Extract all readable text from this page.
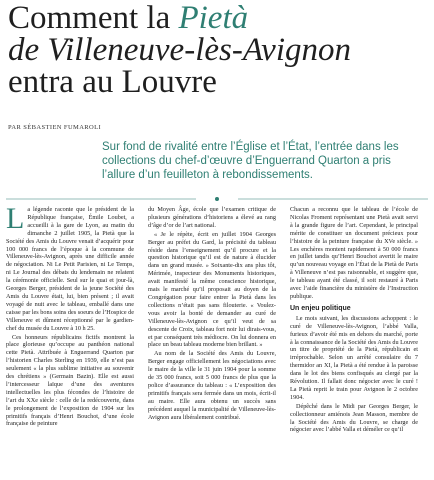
Comment la Pietà
de Villeneuve-lès-Avignon
entra au Louvre
PAR SÉBASTIEN FUMAROLI
Sur fond de rivalité entre l’Église et l’État, l’entrée dans les collections du chef-d’œuvre d’Enguerrand Quarton a pris l’allure d’un feuilleton à rebondissements.

La légende raconte que le président de la République française, Émile Loubet, a accueilli à la gare de Lyon, au matin du dimanche 2 juillet 1905, la Pietà que la Société des Amis du Louvre venait d’acquérir pour 100 000 francs de l’époque à la commune de Villeneuve-lès-Avignon, après une difficile année de négociation. Ni Le Petit Parisien, ni Le Temps, ni Le Journal des débats du lendemain ne relatent la cérémonie officielle. Seul sur le quai et jour-là, Georges Berger, président de la jeune Société des Amis du Louvre était, lui, bien présent ; il avait voyagé de nuit avec le tableau, emballé dans une caisse par les bons soins des soeurs de l’Hospice de Villeneuve et dûment réceptionné par le gardien-chef du musée du Louvre à 10 h 25.

Ces honneurs républicains fictifs montrent la place glorieuse qu’occupe au panthéon national cette Pietà. Attribuée à Enguerrand Quarton par l’historien Charles Sterling en 1939, elle n’est pas seulement « la plus sublime initiative au souvenir des chrétiens » (Germain Bazin). Elle est aussi l’intercesseur laïque d’une des aventures intellectuelles les plus fécondes de l’histoire de l’art du XXe siècle : celle de la redécouverte, dans le prolongement de l’exposition de 1904 sur les primitifs français d’Henri Bouchot, d’une école française de peinture

du Moyen Âge, école que l’examen critique de plusieurs générations d’historiens a élevé au rang d’âge d’or de l’art national.

« Je le répète, écrit en juillet 1904 Georges Berger au préfet du Gard, la précisité du tableau réside dans l’enseignement qu’il procure et la question historique qu’il est de nature à élucider dans un grand musée. » Soixante-dix ans plus tôt, Mérimée, inspecteur des Monuments historiques, avait manifesté la même conscience historique, mais le marché qu’il proposait au doyen de la Congrégation pour faire entrer la Pietà dans les collections n’était pas sans filouterie. « Voulez-vous avoir la bonté de demander au curé de Villeneuve-lès-Avignon ce qu’il veut de sa descente de Croix, tableau fort noir lui dirais-vous, et par conséquent très médiocre. On lui donnera en place un beau tableau moderne bien brillant. »

Au nom de la Société des Amis du Louvre, Berger engage officiellement les négociations avec le maire de la ville le 31 juin 1904 pour la somme de 35 000 francs, soit 5 000 francs de plus que la police d’assurance du tableau : « L’exposition des primitifs français sera fermée dans un mois, écrit-il au maire. Elle aura obtenu un succès sans précédent auquel la municipalité de Villeneuve-lès-Avignon aura libéralement contribué.

Chacun a reconnu que le tableau de l’école de Nicolas Froment représentant une Pietà avait servi à la grande figure de l’art. Cependant, le principal mérite de constituer un document précieux pour l’histoire de la peinture française du XVe siècle. » Les enchères montent rapidement à 50 000 francs en juillet tandis qu’Henri Bouchot avertit le maire qu’un nouveau voyage en l’État de la Pietà de Paris à Villeneuve n’est pas raisonnable, et suggère que, le tableau ayant été classé, il soit restauré à Paris avec l’aide financière du ministère de l’Instruction publique.

Un enjeu politique

Le mois suivant, les discussions achoppent : le curé de Villeneuve-lès-Avignon, l’abbé Valla, furieux d’avoir été mis en dehors du marché, porte à la connaissance de la Société des Amis du Louvre un titre de propriété de la Pietà, républicain et irréprochable. Selon un arrêté consulaire du 7 thermidor an XI, la Pietà a été rendue à la paroisse dans le lot des biens confisqués au clergé par la Révolution. Il fallait donc négocier avec le curé ! La Pietà reprit le train pour Avignon le 2 octobre 1904.

Dépêché dans le Midi par Georges Berger, le collectionneur amiénois Jean Masson, membre de la Société des Amis du Louvre, se charge de négocier avec l’abbé Valla et déméler ce qu’il
